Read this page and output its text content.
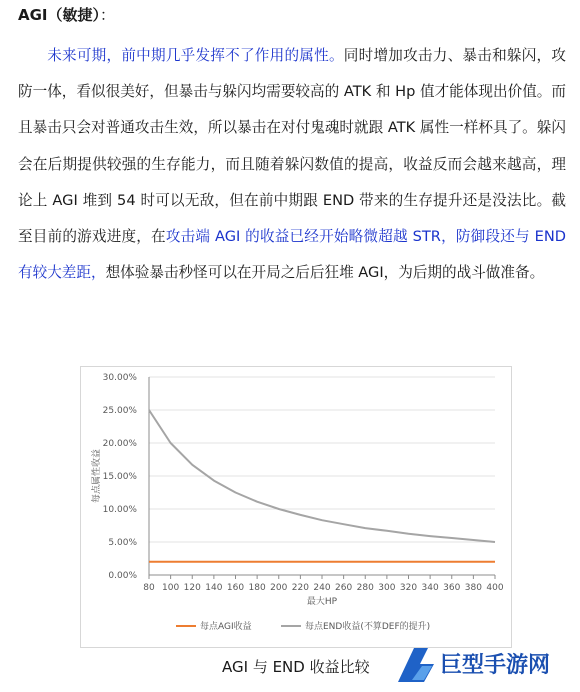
AGI（敏捷）：
未来可期，前中期几乎发挥不了作用的属性。同时增加攻击力、暴击和躲闪，攻防一体，看似很美好，但暴击与躲闪均需要较高的 ATK 和 Hp 值才能体现出价值。而且暴击只会对普通攻击生效，所以暴击在对付鬼魂时就跟 ATK 属性一样杯具了。躲闪会在后期提供较强的生存能力，而且随着躲闪数值的提高，收益反而会越来越高，理论上 AGI 堆到 54 时可以无敌，但在前中期跟 END 带来的生存提升还是没法比。截至目前的游戏进度，在攻击端 AGI 的收益已经开始略微超越 STR，防御段还与 END 有较大差距，想体验暴击秒怪可以在开局之后后狂堆 AGI，为后期的战斗做准备。
0.00%
5.00%
10.00%
15.00%
20.00%
25.00%
30.00%
80 100 120 140 160 180 200 220 240 260 280 300 320 340 360 380 400
最大HP
每点属性收益
每点AGI收益	每点END收益(不算DEF的提升)
AGI 与 END 收益比较	巨型手游网
